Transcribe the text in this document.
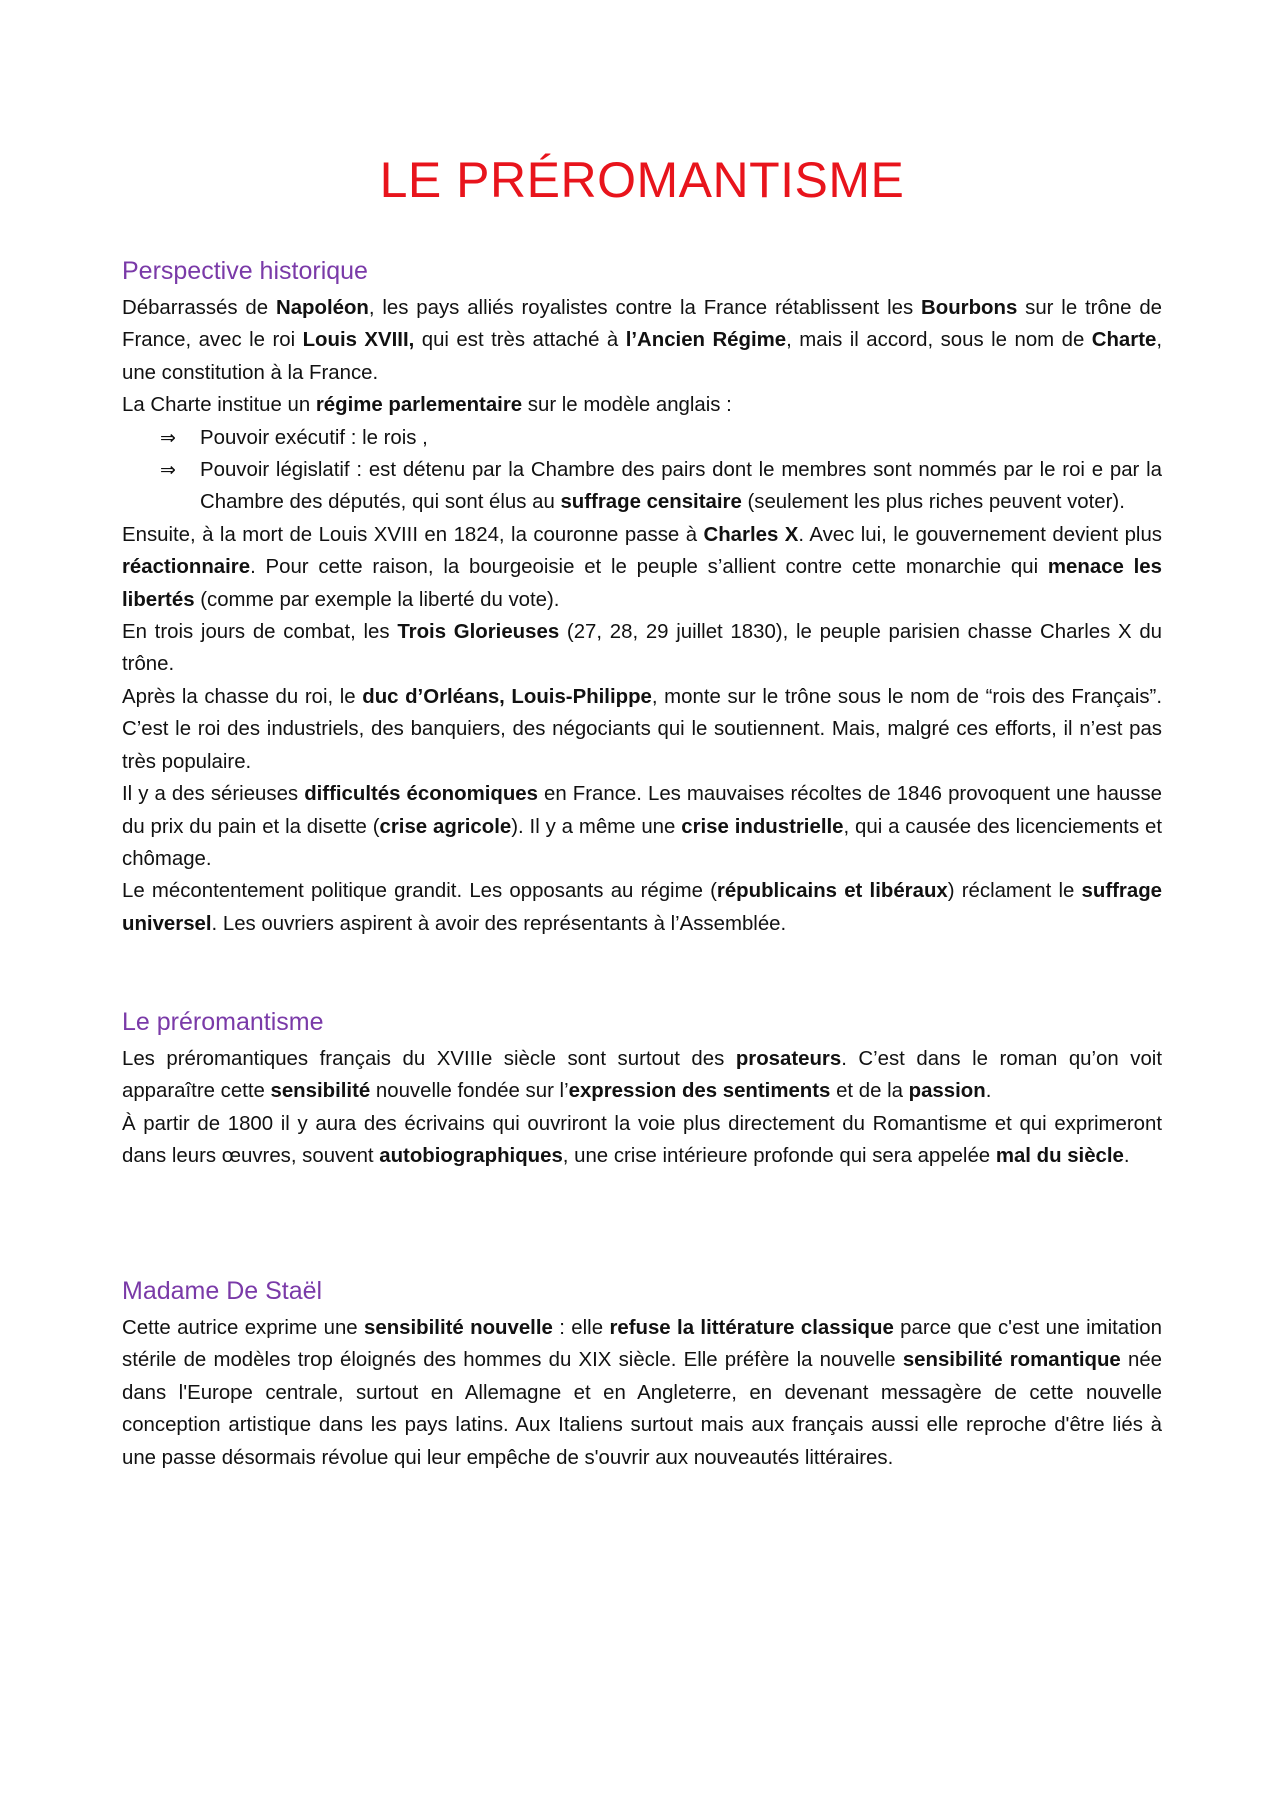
LE PRÉROMANTISME
Perspective historique

Débarrassés de Napoléon, les pays alliés royalistes contre la France rétablissent les Bourbons sur le trône de France, avec le roi Louis XVIII, qui est très attaché à l’Ancien Régime, mais il accord, sous le nom de Charte, une constitution à la France.

La Charte institue un régime parlementaire sur le modèle anglais :

⇒ Pouvoir exécutif : le rois ,
⇒ Pouvoir législatif : est détenu par la Chambre des pairs dont le membres sont nommés par le roi e par la Chambre des députés, qui sont élus au suffrage censitaire (seulement les plus riches peuvent voter).

Ensuite, à la mort de Louis XVIII en 1824, la couronne passe à Charles X. Avec lui, le gouvernement devient plus réactionnaire. Pour cette raison, la bourgeoisie et le peuple s’allient contre cette monarchie qui menace les libertés (comme par exemple la liberté du vote).

En trois jours de combat, les Trois Glorieuses (27, 28, 29 juillet 1830), le peuple parisien chasse Charles X du trône.

Après la chasse du roi, le duc d’Orléans, Louis-Philippe, monte sur le trône sous le nom de “rois des Français”. C’est le roi des industriels, des banquiers, des négociants qui le soutiennent. Mais, malgré ces efforts, il n’est pas très populaire.

Il y a des sérieuses difficultés économiques en France. Les mauvaises récoltes de 1846 provoquent une hausse du prix du pain et la disette (crise agricole). Il y a même une crise industrielle, qui a causée des licenciements et chômage.

Le mécontentement politique grandit. Les opposants au régime (républicains et libéraux) réclament le suffrage universel. Les ouvriers aspirent à avoir des représentants à l’Assemblée.

Le préromantisme

Les préromantiques français du XVIIIe siècle sont surtout des prosateurs. C’est dans le roman qu’on voit apparaître cette sensibilité nouvelle fondée sur l’expression des sentiments et de la passion.

À partir de 1800 il y aura des écrivains qui ouvriront la voie plus directement du Romantisme et qui exprimeront dans leurs œuvres, souvent autobiographiques, une crise intérieure profonde qui sera appelée mal du siècle.

Madame De Staël

Cette autrice exprime une sensibilité nouvelle : elle refuse la littérature classique parce que c'est une imitation stérile de modèles trop éloignés des hommes du XIX siècle. Elle préfère la nouvelle sensibilité romantique née dans l'Europe centrale, surtout en Allemagne et en Angleterre, en devenant messagère de cette nouvelle conception artistique dans les pays latins. Aux Italiens surtout mais aux français aussi elle reproche d'être liés à une passe désormais révolue qui leur empêche de s'ouvrir aux nouveautés littéraires.
